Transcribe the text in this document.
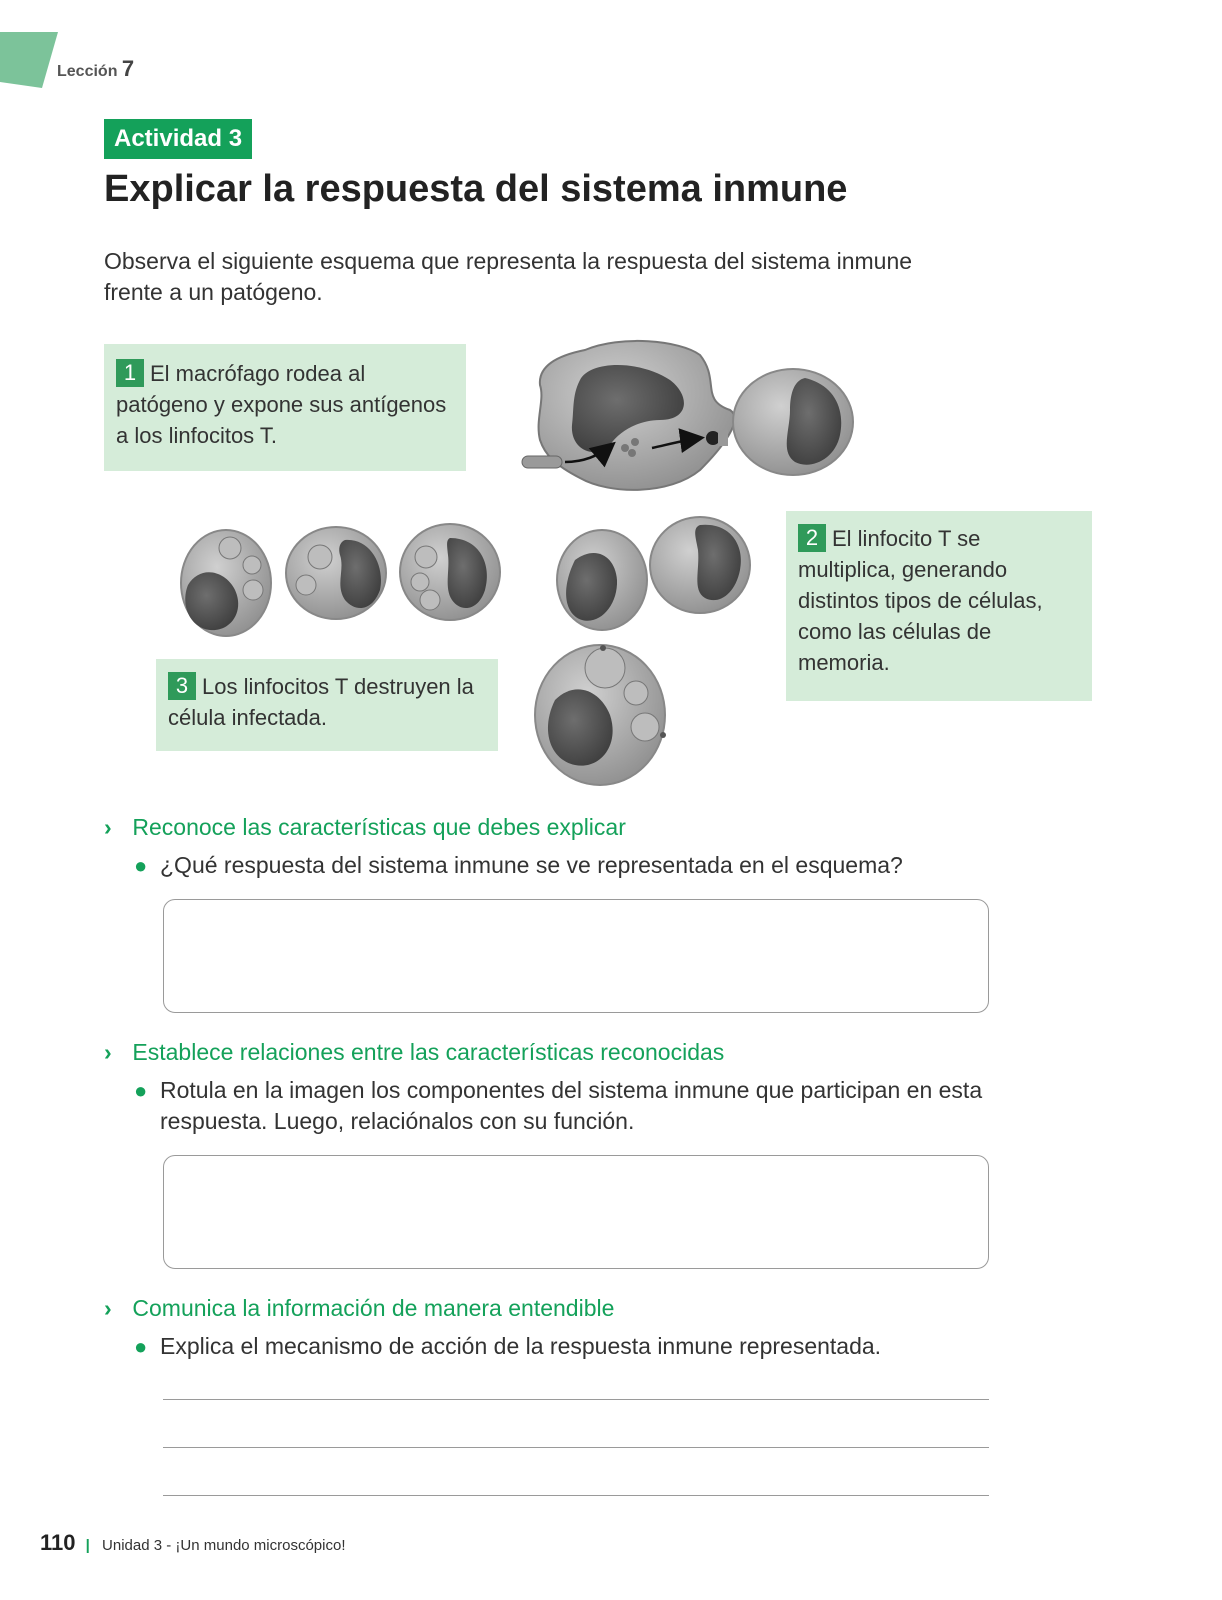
Lección 7
Actividad 3
Explicar la respuesta del sistema inmune
Observa el siguiente esquema que representa la respuesta del sistema inmune frente a un patógeno.
1 El macrófago rodea al patógeno y expone sus antígenos a los linfocitos T.
2 El linfocito T se multiplica, generando distintos tipos de células, como las células de memoria.
3 Los linfocitos T destruyen la célula infectada.
› Reconoce las características que debes explicar
● ¿Qué respuesta del sistema inmune se ve representada en el esquema?
› Establece relaciones entre las características reconocidas
● Rotula en la imagen los componentes del sistema inmune que participan en esta respuesta. Luego, relaciónalos con su función.
› Comunica la información de manera entendible
● Explica el mecanismo de acción de la respuesta inmune representada.
110 | Unidad 3 - ¡Un mundo microscópico!
